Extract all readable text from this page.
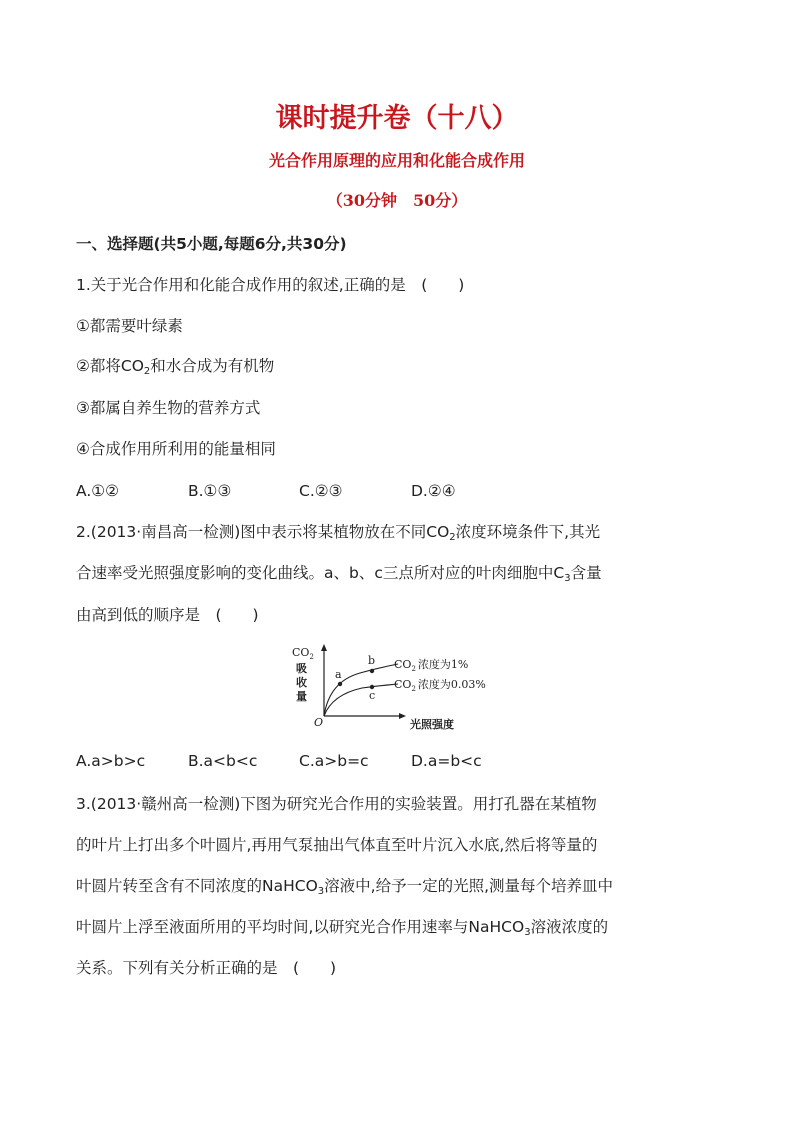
课时提升卷（十八）
光合作用原理的应用和化能合成作用
（30分钟　50分）
一、选择题(共5小题,每题6分,共30分)
1.关于光合作用和化能合成作用的叙述,正确的是　(　　)
①都需要叶绿素
②都将$CO_2$和水合成为有机物
③都属自养生物的营养方式
④合成作用所利用的能量相同
A.①②	B.①③	C.②③	D.②④
2.(2013·南昌高一检测)图中表示将某植物放在不同$CO_2$浓度环境条件下,其光
合速率受光照强度影响的变化曲线。a、b、c三点所对应的叶肉细胞中$C_3$含量
由高到低的顺序是　(　　)
$CO_2$
吸
收
量
O	光照强度
a
b
c
$CO_2$ 浓度为1%
$CO_2$ 浓度为0.03%
A.a>b>c	B.a<b<c	C.a>b=c	D.a=b<c
3.(2013·赣州高一检测)下图为研究光合作用的实验装置。用打孔器在某植物
的叶片上打出多个叶圆片,再用气泵抽出气体直至叶片沉入水底,然后将等量的
叶圆片转至含有不同浓度的NaHCO$_3$溶液中,给予一定的光照,测量每个培养皿中
叶圆片上浮至液面所用的平均时间,以研究光合作用速率与NaHCO$_3$溶液浓度的
关系。下列有关分析正确的是　(　　)
